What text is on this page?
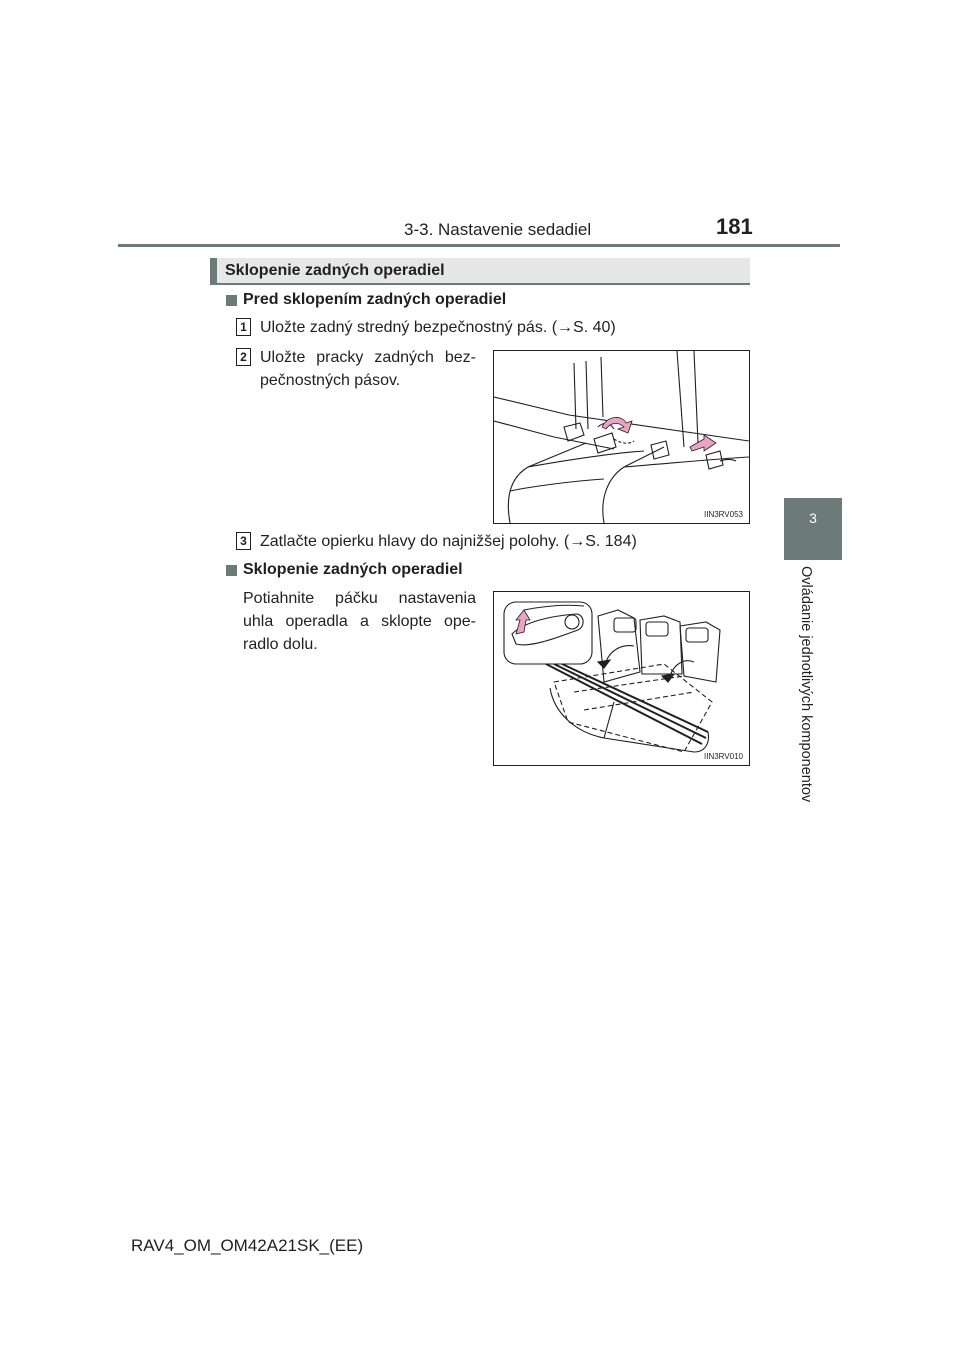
3-3. Nastavenie sedadiel	181
3
Ovládanie jednotlivých komponentov
Sklopenie zadných operadiel
Pred sklopením zadných operadiel
1 Uložte zadný stredný bezpečnostný pás. (→S. 40)
2 Uložte pracky zadných bez-
pečnostných pásov.
IIN3RV053
3 Zatlačte opierku hlavy do najnižšej polohy. (→S. 184)
Sklopenie zadných operadiel
Potiahnite páčku nastavenia
uhla operadla a sklopte ope-
radlo dolu.
IIN3RV010
RAV4_OM_OM42A21SK_(EE)
